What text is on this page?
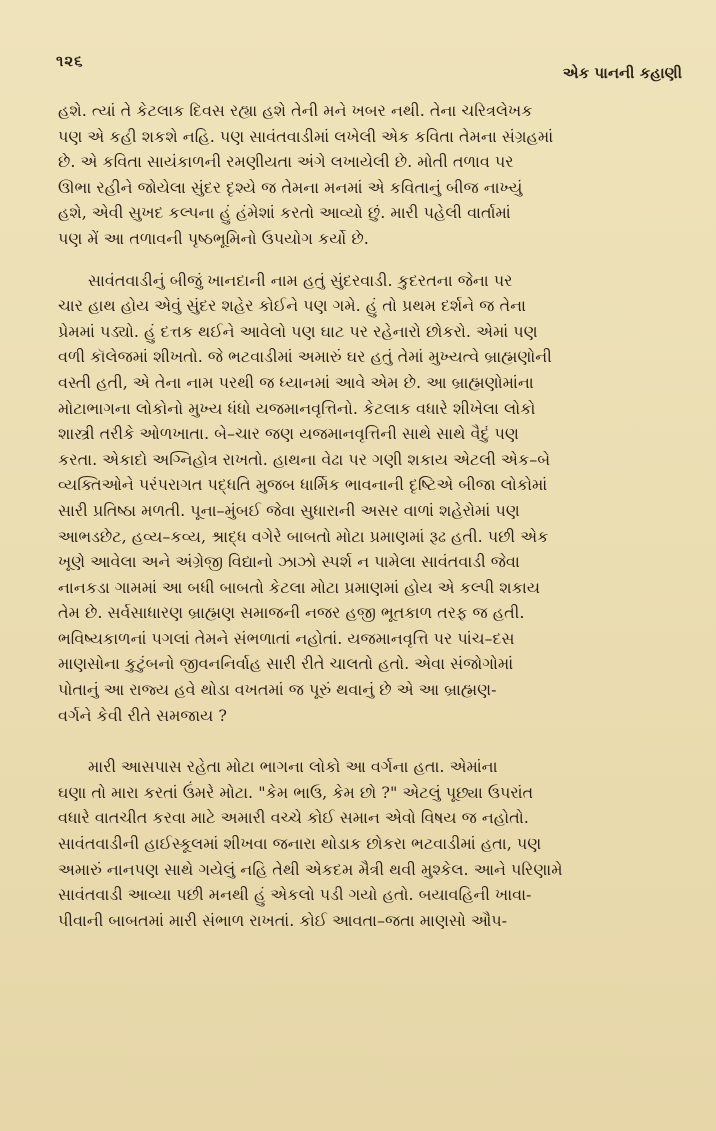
૧૨૬
એક પાનની કહાણી
હશે. ત્યાં તે કેટલાક દિવસ રહ્યા હશે તેની મને ખબર નથી. તેના ચરિત્રલેખક
પણ એ કહી શકશે નહિ. પણ સાવંતવાડીમાં લખેલી એક કવિતા તેમના સંગ્રહમાં
છે. એ કવિતા સાયંકાળની રમણીયતા અંગે લખાયેલી છે. મોતી તળાવ પર
ઊભા રહીને જોયેલા સુંદર દૃશ્યે જ તેમના મનમાં એ કવિતાનું બીજ નાખ્યું
હશે, એવી સુખદ કલ્પના હું હંમેશાં કરતો આવ્યો છું. મારી પહેલી વાર્તામાં
પણ મેં આ તળાવની પૃષ્ઠભૂમિનો ઉપયોગ કર્યો છે.
સાવંતવાડીનું બીજું ખાનદાની નામ હતું સુંદરવાડી. કુદરતના જેના પર
ચાર હાથ હોય એવું સુંદર શહેર કોઈને પણ ગમે. હું તો પ્રથમ દર્શને જ તેના
પ્રેમમાં પડ્યો. હું દત્તક થઈને આવેલો પણ ઘાટ પર રહેનારો છોકરો. એમાં પણ
વળી કૉલેજમાં શીખતો. જે ભટવાડીમાં અમારું ઘર હતું તેમાં મુખ્યત્વે બ્રાહ્મણોની
વસ્તી હતી, એ તેના નામ પરથી જ ધ્યાનમાં આવે એમ છે. આ બ્રાહ્મણોમાંના
મોટાભાગના લોકોનો મુખ્ય ધંધો યજમાનવૃત્તિનો. કેટલાક વધારે શીખેલા લોકો
શાસ્ત્રી તરીકે ઓળખાતા. બે–ચાર જણ યજમાનવૃત્તિની સાથે સાથે વૈદું પણ
કરતા. એકાદો અગ્નિહોત્ર રાખતો. હાથના વેઢા પર ગણી શકાય એટલી એક–બે
વ્યક્તિઓને પરંપરાગત પદ્ધતિ મુજબ ધાર્મિક ભાવનાની દૃષ્ટિએ બીજા લોકોમાં
સારી પ્રતિષ્ઠા મળતી. પૂના–મુંબઈ જેવા સુધારાની અસર વાળાં શહેરોમાં પણ
આભડછેટ, હવ્ય–કવ્ય, શ્રાદ્ધ વગેરે બાબતો મોટા પ્રમાણમાં રૂઢ હતી. પછી એક
ખૂણે આવેલા અને અંગ્રેજી વિદ્યાનો ઝાઝો સ્પર્શ ન પામેલા સાવંતવાડી જેવા
નાનકડા ગામમાં આ બધી બાબતો કેટલા મોટા પ્રમાણમાં હોય એ કલ્પી શકાય
તેમ છે. સર્વસાધારણ બ્રાહ્મણ સમાજની નજર હજી ભૂતકાળ તરફ જ હતી.
ભવિષ્યકાળનાં પગલાં તેમને સંભળાતાં નહોતાં. યજમાનવૃત્તિ પર પાંચ–દસ
માણસોના કુટુંબનો જીવનનિર્વાહ સારી રીતે ચાલતો હતો. એવા સંજોગોમાં
પોતાનું આ રાજ્ય હવે થોડા વખતમાં જ પૂરું થવાનું છે એ આ બ્રાહ્મણ-
વર્ગને કેવી રીતે સમજાય ?
મારી આસપાસ રહેતા મોટા ભાગના લોકો આ વર્ગના હતા. એમાંના
ઘણા તો મારા કરતાં ઉંમરે મોટા. "કેમ ભાઉ, કેમ છો ?" એટલું પૂછ્યા ઉપરાંત
વધારે વાતચીત કરવા માટે અમારી વચ્ચે કોઈ સમાન એવો વિષય જ નહોતો.
સાવંતવાડીની હાઈસ્કૂલમાં શીખવા જનારા થોડાક છોકરા ભટવાડીમાં હતા, પણ
અમારું નાનપણ સાથે ગયેલું નહિ તેથી એકદમ મૈત્રી થવી મુશ્કેલ. આને પરિણામે
સાવંતવાડી આવ્યા પછી મનથી હું એકલો પડી ગયો હતો. બયાવહિની ખાવા-
પીવાની બાબતમાં મારી સંભાળ રાખતાં. કોઈ આવતા–જતા માણસો ઔપ-
